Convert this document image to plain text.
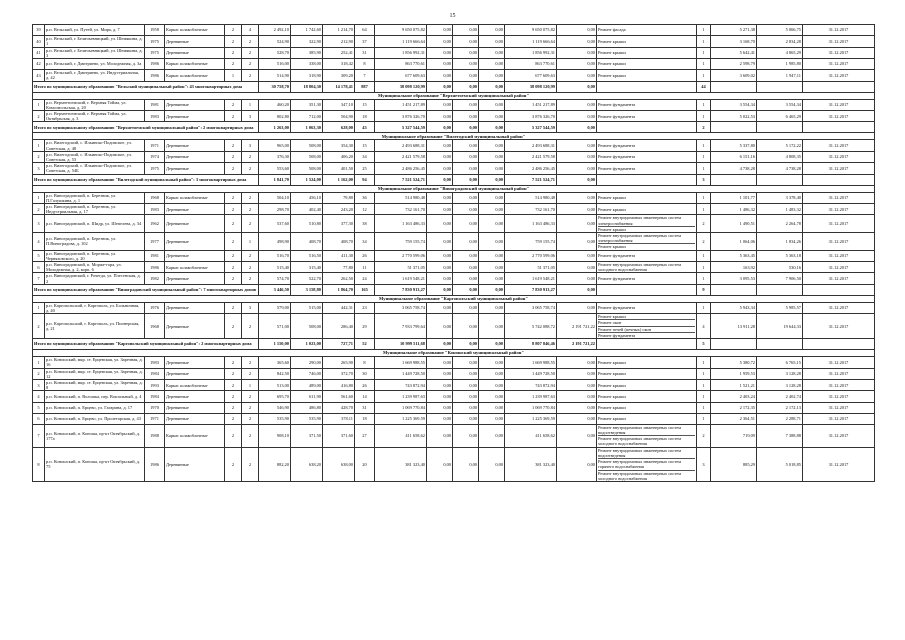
15
39	р.п. Вельский, ул. Путей, ул. Мира, д. 7	1958	Каркас шлакоблочные	2	4	2 492,10	1 742,60	1 214,70	64	9 650 075,82	0,00	0,00	0,00	9 650 075,82	0,00	Ремонт фасада	1	5 271,38	5 066,75	31.12.2017
40	р.п. Вельский, г. Беличьевницкий, ул. Шемякина, д. 1	1975	Деревянные	2	2	524,90	322,90	212,90	37	1 119 666,64	0,00	0,00	0,00	1 119 666,64	0,00	Ремонт крыши	1	3 168,70	2 834,28	31.12.2017
41	р.п. Вельский, г. Беличьевницкий, ул. Шемякина, д. 3	1975	Деревянные	2	2	528,70	385,90	252,41	31	1 856 992,31	0,00	0,00	0,00	1 856 992,31	0,00	Ремонт крыши	1	5 642,41	4 865,29	31.12.2017
42	р.п. Вельский, г. Дмитриево, ул. Молодежная, д. 3а	1986	Каркас шлакоблочные	2	2	516,00	338,00	318,42	8	863 770,61	0,00	0,00	0,00	863 770,61	0,00	Ремонт крыши	1	2 598,79	1 985,80	31.12.2017
43	р.п. Вельский, г. Дмитриево, ул. Индустриальная, д. 42	1986	Каркас шлакоблочные	1	2	514,90	318,90	309,20	7	677 609,63	0,00	0,00	0,00	677 609,63	0,00	Ремонт крыши	1	3 609,02	1 947,11	31.12.2017
Итого по муниципальному образованию "Вельский муниципальный район": 43 многоквартирных дома						30 758,70	18 804,30	14 178,41	887	38 098 120,99	0,00	0,00	0,00	38 098 120,99	0,00		44			
Муниципальное образование "Верхнетоемский муниципальный район"																				
1	р.п. Верхнетоемский, г. Верхняя Тойма, ул. Комсомольская, д. 20	1981	Деревянные	2	1	460,20	351,30	347,10	15	1 451 217,89	0,00	0,00	0,00	1 451 217,89	0,00	Ремонт фундамента	1	3 554,34	3 554,34	31.12.2017
2	р.п. Верхнетоемский, г. Верхняя Тойма, ул. Октябрьская, д. 3	1983	Деревянные	2	3	802,80	712,00	504,90	18	3 876 326,70	0,00	0,00	0,00	3 876 326,70	0,00	Ремонт фундамента	1	5 022,53	6 465,29	31.12.2017
Итого по муниципальному образованию "Верхнетоемский муниципальный район": 2 многоквартирных дома						1 263,00	1 063,30	628,00	43	5 327 544,59	0,00	0,00	0,00	5 327 544,59	0,00		2			
Муниципальное образование "Вилегодский муниципальный район"																				
1	р.п. Вилегодский, с. Ильинско-Подомское, ул. Советская, д. 48	1971	Деревянные	2	3	965,00	508,00	354,30	15	2 493 688,31	0,00	0,00	0,00	2 493 688,31	0,00	Ремонт фундамента	1	5 337,80	5 172,22	31.12.2017
2	р.п. Вилегодский, с. Ильинско-Подомское, ул. Советская, д. 53	1974	Деревянные	2	2	376,30	508,00	406,20	34	2 421 579,58	0,00	0,00	0,00	2 421 579,58	0,00	Ремонт фундамента	1	6 151,16	4 808,35	31.12.2017
3	р.п. Вилегодский, с. Ильинско-Подомское, ул. Советская, д. 54Б	1975	Деревянные	2	2	553,60	508,00	401,50	25	2 486 256,45	0,00	0,00	0,00	2 486 256,45	0,00	Ремонт фундамента	1	4 738,28	4 738,28	31.12.2017
Итого по муниципальному образованию "Вилегодский муниципальный район": 3 многоквартирных дома						1 841,70	1 524,00	1 162,00	94	7 521 524,71	0,00	0,00	0,00	7 521 524,71	0,00		3			
Муниципальное образование "Виноградовский муниципальный район"																				
1	р.п. Виноградовский, п. Березник, ул. П.Галушкина, д. 1	1968	Каркас шлакоблочные	2	2	504,10	456,10	79,80	36	514 980,48	0,00	0,00	0,00	514 980,48	0,00	Ремонт крыши	1	1 101,77	3 378,40	31.12.2017
2	р.п. Виноградовский, п. Березник, ул. Индустриальная, д. 17	1983	Деревянные	2	2	298,70	402,40	243,20	12	732 161,70	0,00	0,00	0,00	732 161,70	0,00	Ремонт крыши	1	1 486,32	1 483,32	31.12.2017
3	р.п. Виноградовский, п. Шидр, ул. Шепелева, д. 34	1962	Деревянные	2	2	537,60	510,80	377,30	38	1 163 486,33	0,00	0,00	0,00	1 163 486,33	0,00	Ремонт внутридомовых инженерных систем электроснабжения
Ремонт крыши	2	1 490,51	2 264,78	31.12.2017
4	р.п. Виноградовский, п. Березник, ул. П.Виноградова, д. 102	1977	Деревянные	2	1	498,90	408,70	408,70	34	759 155,74	0,00	0,00	0,00	759 155,74	0,00	Ремонт внутридомовых инженерных систем электроснабжения
Ремонт крыши	2	1 064,06	1 834,26	31.12.2017
5	р.п. Виноградовский, п. Березник, ул. Черняховского, д. 20	1981	Деревянные	2	2	516,70	516,50	411,30	26	2 770 599,06	0,00	0,00	0,00	2 770 599,06	0,00	Ремонт фундамента	1	5 363,45	5 363,18	31.12.2017
6	р.п. Виноградовский, п. Морже-гора, ул. Молодежная, д. 2, корп. 6	1986	Каркас шлакоблочные	2	2	515,40	315,40	77,80	11	51 371,05	0,00	0,00	0,00	51 371,05	0,00	Ремонт внутридомовых инженерных систем холодного водоснабжения	1	163,92	530,16	31.12.2017
7	р.п. Виноградовский, г. Рочегда, ул. Плесенская, д. 2	1982	Деревянные	2	2	574,70	522,70	262,50	24	1 619 548,21	0,00	0,00	0,00	1 619 548,21	0,00	Ремонт фундамента	1	3 095,53	7 906,50	31.12.2017
Итого по муниципальному образованию "Виноградовский муниципальный район": 7 многоквартирных домов						3 446,50	3 158,80	1 864,70	165	7 830 913,27	0,00	0,00	0,00	7 830 913,27	0,00		9			
Муниципальное образование "Каргопольский муниципальный район"																				
1	р.п. Каргопольский, г. Каргополь, ул. Больничная, д. 40	1976	Деревянные	2	3	579,00	515,00	442,31	23	3 065 758,74	0,00	0,00	0,00	3 065 758,74	0,00	Ремонт фундамента	1	5 943,34	5 985,57	31.12.2017
2	р.п. Каргопольский, г. Каргополь, ул. Пионерская, д. 21	1968	Деревянные	2	2	571,00	508,00	286,40	29	7 933 799,64	0,00	0,00	0,00	5 742 088,72	2 191 721,22	Ремонт крыши
Ремонт окон
Ремонт печей (печных) окон
Ремонт фундамента	4	13 911,28	19 644,33	31.12.2017
Итого по муниципальному образованию "Каргопольский муниципальный район": 2 многоквартирных дома						1 150,00	1 023,00	727,71	52	10 999 511,68	0,00	0,00	0,00	8 807 846,46	2 191 721,22		5			
Муниципальное образование "Коношский муниципальный район"																				
1	р.п. Коношский, мкр. ст. Ерцевская, ул. Заречная, д. 16	1983	Деревянные	2	2	365,60	290,00	265,90	8	1 669 988,55	0,00	0,00	0,00	1 669 988,55	0,00	Ремонт крыши	1	5 380,72	6 765,15	31.12.2017
2	р.п. Коношский, мкр. ст. Ерцевская, ул. Заречная, д. 12	1984	Деревянные	2	2	842,50	746,00	372,70	30	1 449 728,50	0,00	0,00	0,00	1 449 728,50	0,00	Ремонт крыши	1	1 959,53	3 128,28	31.12.2017
3	р.п. Коношский, мкр. ст. Ерцевская, ул. Заречная, д. 8	1993	Каркас шлакоблочные	2	1	513,00	489,00	416,80	26	743 872,94	0,00	0,00	0,00	743 872,94	0,00	Ремонт крыши	1	1 521,21	3 128,28	31.12.2017
4	р.п. Коношский, п. Волошка, пер. Вокзальный, д. 4	1984	Деревянные	2	2	695,70	611,90	561,60	14	1 239 987,63	0,00	0,00	0,00	1 239 987,63	0,00	Ремонт крыши	1	2 403,24	2 402,74	31.12.2017
5	р.п. Коношский, п. Ерцево, ул. Гагарина, д. 17	1970	Деревянные	2	2	546,90	486,80	428,70	31	1 069 770,84	0,00	0,00	0,00	1 069 770,84	0,00	Ремонт крыши	1	2 172,35	2 172,13	31.12.2017
6	р.п. Коношский, п. Ерцево, ул. Пролетарская, д. 43	1971	Деревянные	2	2	535,90	535,90	378,11	18	1 225 369,59	0,00	0,00	0,00	1 225 369,59	0,00	Ремонт крыши	1	2 364,51	2 288,71	31.12.2017
7	р.п. Коношский, п. Коноша, пр-кт Октябрьский, д. 177а	1988	Каркас шлакоблочные	2	2	908,10	371,50	371,60	27	411 658,62	0,00	0,00	0,00	411 658,62	0,00	Ремонт внутридомовых инженерных систем водоотведения
Ремонт внутридомовых инженерных систем холодного водоснабжения	2	719,09	7 388,88	31.12.2017
8	р.п. Коношский, п. Коноша, пр-кт Октябрьский, д. 75	1986	Деревянные	2	2	882,20	638,20	638,00	20	381 323,40	0,00	0,00	0,00	381 323,40	0,00	Ремонт внутридомовых инженерных систем водоотведения
Ремонт внутридомовых инженерных систем горячего водоснабжения
Ремонт внутридомовых инженерных систем холодного водоснабжения	3	885,29	5 018,85	31.12.2017
